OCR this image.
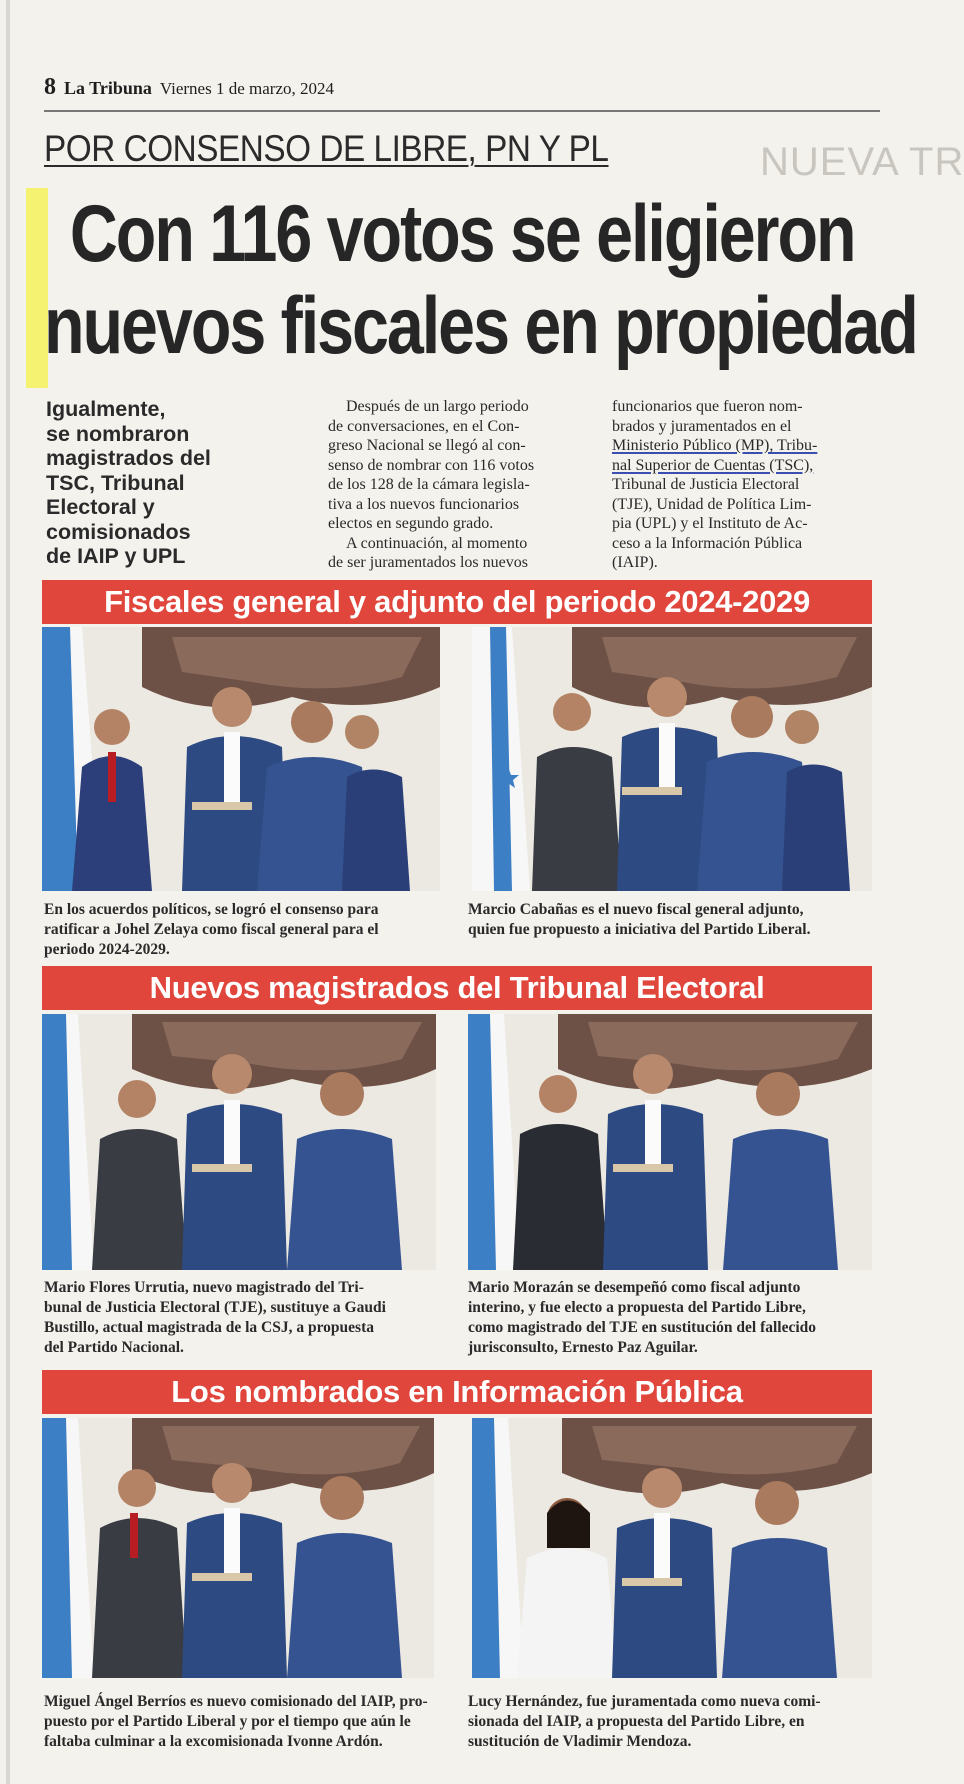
8 La Tribuna Viernes 1 de marzo, 2024
NUEVA TR
POR CONSENSO DE LIBRE, PN Y PL
Con 116 votos se eligieron
nuevos fiscales en propiedad
Igualmente,
se nombraron
magistrados del
TSC, Tribunal
Electoral y
comisionados
de IAIP y UPL
Después de un largo periodo
de conversaciones, en el Con-
greso Nacional se llegó al con-
senso de nombrar con 116 votos
de los 128 de la cámara legisla-
tiva a los nuevos funcionarios
electos en segundo grado.
A continuación, al momento
de ser juramentados los nuevos
funcionarios que fueron nom-
brados y juramentados en el
Ministerio Público (MP), Tribu-
nal Superior de Cuentas (TSC),
Tribunal de Justicia Electoral
(TJE), Unidad de Política Lim-
pia (UPL) y el Instituto de Ac-
ceso a la Información Pública
(IAIP).
Fiscales general y adjunto del periodo 2024-2029
En los acuerdos políticos, se logró el consenso para
ratificar a Johel Zelaya como fiscal general para el
periodo 2024-2029.
Marcio Cabañas es el nuevo fiscal general adjunto,
quien fue propuesto a iniciativa del Partido Liberal.
Nuevos magistrados del Tribunal Electoral
Mario Flores Urrutia, nuevo magistrado del Tri-
bunal de Justicia Electoral (TJE), sustituye a Gaudi
Bustillo, actual magistrada de la CSJ, a propuesta
del Partido Nacional.
Mario Morazán se desempeñó como fiscal adjunto
interino, y fue electo a propuesta del Partido Libre,
como magistrado del TJE en sustitución del fallecido
jurisconsulto, Ernesto Paz Aguilar.
Los nombrados en Información Pública
Miguel Ángel Berríos es nuevo comisionado del IAIP, pro-
puesto por el Partido Liberal y por el tiempo que aún le
faltaba culminar a la excomisionada Ivonne Ardón.
Lucy Hernández, fue juramentada como nueva comi-
sionada del IAIP, a propuesta del Partido Libre, en
sustitución de Vladimir Mendoza.
